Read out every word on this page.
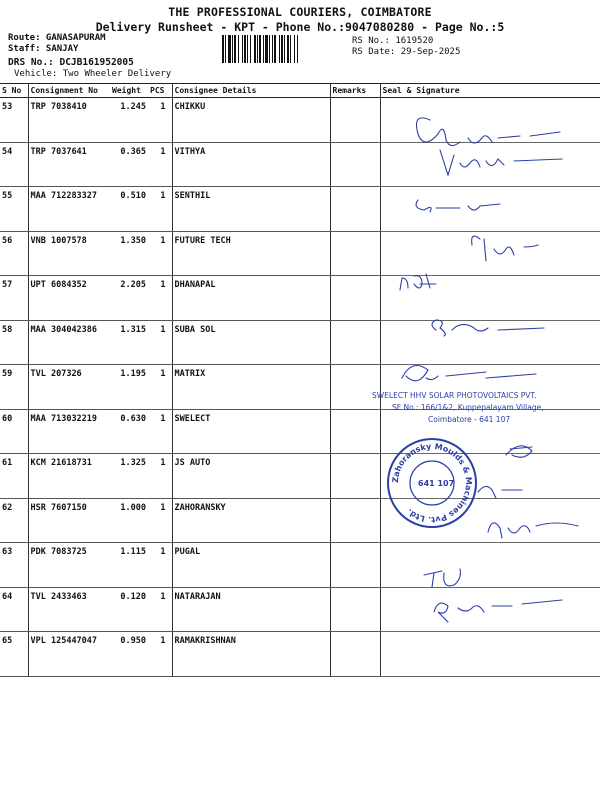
THE PROFESSIONAL COURIERS, COIMBATORE
Delivery Runsheet - KPT - Phone No.:9047080280 - Page No.:5
Route: GANASAPURAM
Staff: SANJAY
DRS No.: DCJB161952005
Vehicle: Two Wheeler Delivery
RS No.: 1619520
RS Date: 29-Sep-2025
S No	Consignment No	Weight	PCS	Consignee Details	Remarks	Seal & Signature
53	TRP 7038410	1.245	1	CHIKKU		
54	TRP 7037641	0.365	1	VITHYA		
55	MAA 712283327	0.510	1	SENTHIL		
56	VNB 1007578	1.350	1	FUTURE TECH		
57	UPT 6084352	2.205	1	DHANAPAL		
58	MAA 304042386	1.315	1	SUBA SOL		
59	TVL 207326	1.195	1	MATRIX		
60	MAA 713032219	0.630	1	SWELECT		
61	KCM 21618731	1.325	1	JS AUTO		
62	HSR 7607150	1.000	1	ZAHORANSKY		
63	PDK 7083725	1.115	1	PUGAL		
64	TVL 2433463	0.120	1	NATARAJAN		
65	VPL 125447047	0.950	1	RAMAKRISHNAN		
SWELECT HHV SOLAR PHOTOVOLTAICS PVT.
SF No.: 166/1&2, Kuppepalayam Village,
Coimbatore - 641 107
Zahoransky Moulds & Machines Pvt. Ltd.
641 107
